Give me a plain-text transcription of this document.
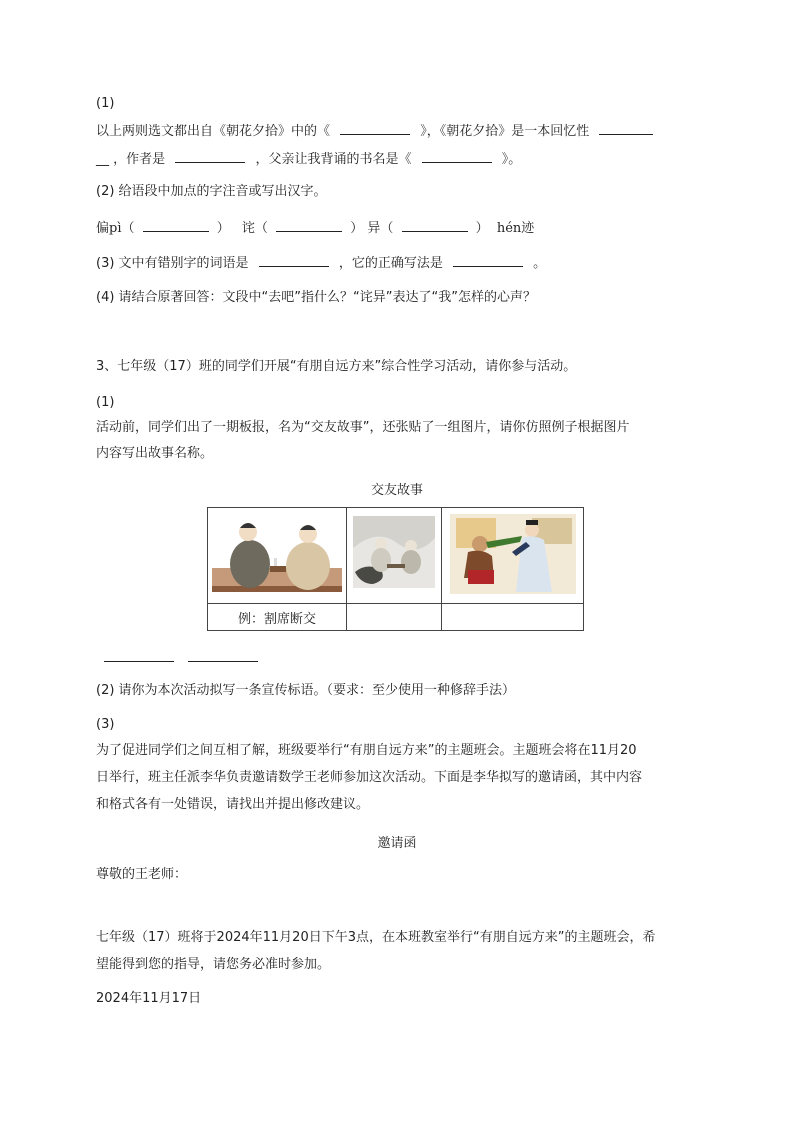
(1)
以上两则选文都出自《朝花夕拾》中的《	》，《朝花夕拾》是一本回忆性
__ ，作者是	，父亲让我背诵的书名是《	》。
(2) 给语段中加点的字注音或写出汉字。
偏pì（	） 诧（	） 异（	） hén迹
(3) 文中有错别字的词语是	，它的正确写法是	。
(4) 请结合原著回答：文段中“去吧”指什么？“诧异”表达了“我”怎样的心声？
3、七年级（17）班的同学们开展“有朋自远方来”综合性学习活动，请你参与活动。
(1)
活动前，同学们出了一期板报，名为“交友故事”，还张贴了一组图片，请你仿照例子根据图片
内容写出故事名称。
交友故事

例：割席断交		
(2) 请你为本次活动拟写一条宣传标语。（要求：至少使用一种修辞手法）
(3)
为了促进同学们之间互相了解，班级要举行“有朋自远方来”的主题班会。主题班会将在11月20
日举行，班主任派李华负责邀请数学王老师参加这次活动。下面是李华拟写的邀请函，其中内容
和格式各有一处错误，请找出并提出修改建议。
邀请函
尊敬的王老师：
七年级（17）班将于2024年11月20日下午3点，在本班教室举行“有朋自远方来”的主题班会，希
望能得到您的指导，请您务必准时参加。
2024年11月17日
